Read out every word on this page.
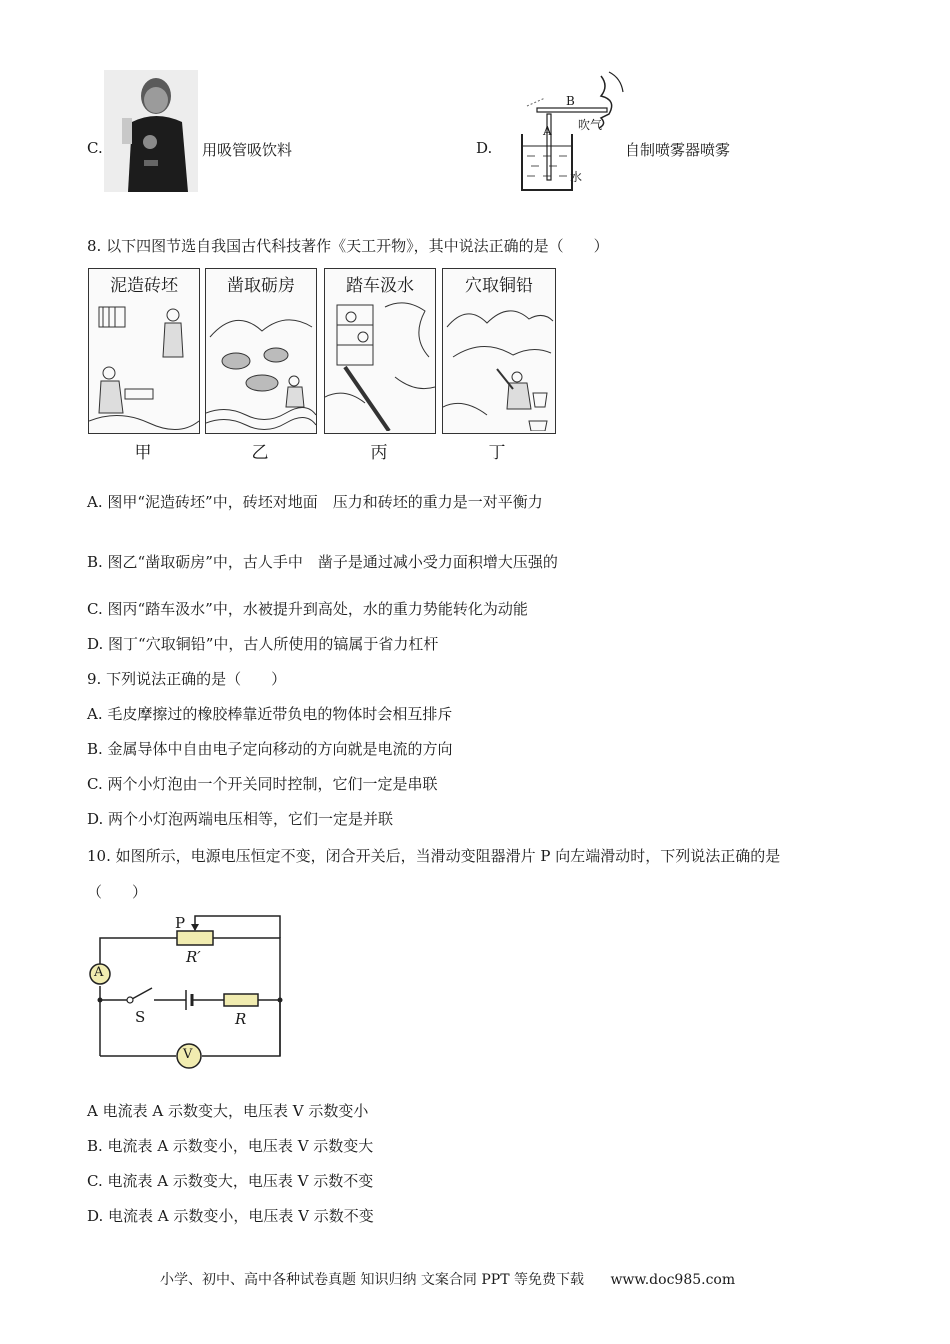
C.	用吸管吸饮料	D.
B
A 吹气
水
自制喷雾器喷雾
8. 以下四图节选自我国古代科技著作《天工开物》，其中说法正确的是（　　）
泥造砖坯
甲
凿取砺房
乙
踏车汲水
丙
穴取铜铅
丁
A. 图甲“泥造砖坯”中，砖坯对地面　压力和砖坯的重力是一对平衡力
B. 图乙“凿取砺房”中，古人手中　凿子是通过减小受力面积增大压强的
C. 图丙“踏车汲水”中，水被提升到高处，水的重力势能转化为动能
D. 图丁“穴取铜铅”中，古人所使用的镐属于省力杠杆
9. 下列说法正确的是（　　）
A. 毛皮摩擦过的橡胶棒靠近带负电的物体时会相互排斥
B. 金属导体中自由电子定向移动的方向就是电流的方向
C. 两个小灯泡由一个开关同时控制，它们一定是串联
D. 两个小灯泡两端电压相等，它们一定是并联
10. 如图所示，电源电压恒定不变，闭合开关后，当滑动变阻器滑片 P 向左端滑动时，下列说法正确的是
（　　）
P
R′
A
S	R
V
A 电流表 A 示数变大，电压表 V 示数变小
B. 电流表 A 示数变小，电压表 V 示数变大
C. 电流表 A 示数变大，电压表 V 示数不变
D. 电流表 A 示数变小，电压表 V 示数不变
小学、初中、高中各种试卷真题 知识归纳 文案合同 PPT 等免费下载 www.doc985.com
